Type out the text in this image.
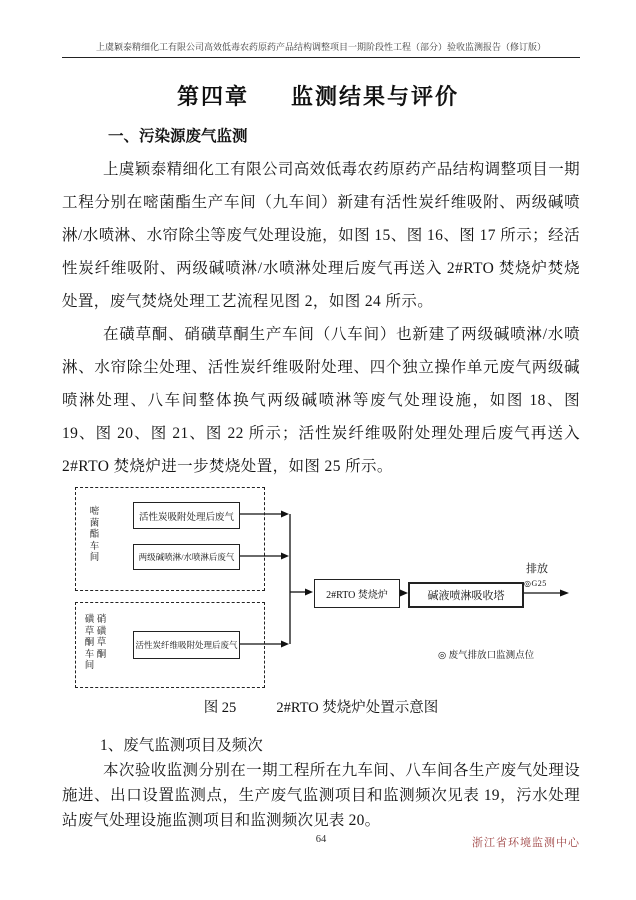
上虞颖泰精细化工有限公司高效低毒农药原药产品结构调整项目一期阶段性工程（部分）验收监测报告（修订版）
第四章 监测结果与评价

一、污染源废气监测

上虞颖泰精细化工有限公司高效低毒农药原药产品结构调整项目一期工程分别在嘧菌酯生产车间（九车间）新建有活性炭纤维吸附、两级碱喷淋/水喷淋、水帘除尘等废气处理设施，如图 15、图 16、图 17 所示；经活性炭纤维吸附、两级碱喷淋/水喷淋处理后废气再送入 2#RTO 焚烧炉焚烧处置，废气焚烧处理工艺流程见图 2，如图 24 所示。

在磺草酮、硝磺草酮生产车间（八车间）也新建了两级碱喷淋/水喷淋、水帘除尘处理、活性炭纤维吸附处理、四个独立操作单元废气两级碱喷淋处理、八车间整体换气两级碱喷淋等废气处理设施，如图 18、图 19、图 20、图 21、图 22 所示；活性炭纤维吸附处理处理后废气再送入 2#RTO 焚烧炉进一步焚烧处置，如图 25 所示。

嘧菌酯车间
活性炭吸附处理后废气
两级碱喷淋/水喷淋后废气
磺草酮车间
硝磺草酮
活性炭纤维吸附处理后废气
2#RTO 焚烧炉	碱液喷淋吸收塔
◎G25
排放
◎ 废气排放口监测点位
图 25	2#RTO 焚烧炉处置示意图

1、废气监测项目及频次

本次验收监测分别在一期工程所在九车间、八车间各生产废气处理设施进、出口设置监测点，生产废气监测项目和监测频次见表 19，污水处理站废气处理设施监测项目和监测频次见表 20。

64	浙江省环境监测中心
